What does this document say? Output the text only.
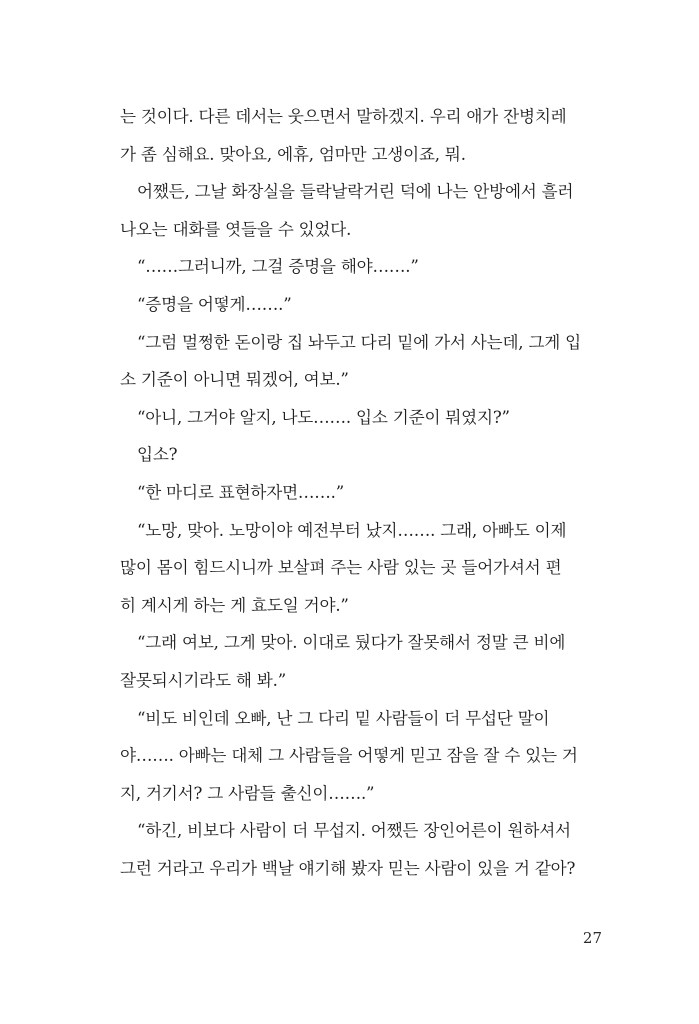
는 것이다. 다른 데서는 웃으면서 말하겠지. 우리 애가 잔병치레
가 좀 심해요. 맞아요, 에휴, 엄마만 고생이죠, 뭐.
어쨌든, 그날 화장실을 들락날락거린 덕에 나는 안방에서 흘러
나오는 대화를 엿들을 수 있었다.
“……그러니까, 그걸 증명을 해야…….”
“증명을 어떻게…….”
“그럼 멀쩡한 돈이랑 집 놔두고 다리 밑에 가서 사는데, 그게 입
소 기준이 아니면 뭐겠어, 여보.”
“아니, 그거야 알지, 나도……. 입소 기준이 뭐였지?”
입소?
“한 마디로 표현하자면…….”
“노망, 맞아. 노망이야 예전부터 났지……. 그래, 아빠도 이제
많이 몸이 힘드시니까 보살펴 주는 사람 있는 곳 들어가셔서 편
히 계시게 하는 게 효도일 거야.”
“그래 여보, 그게 맞아. 이대로 뒀다가 잘못해서 정말 큰 비에
잘못되시기라도 해 봐.”
“비도 비인데 오빠, 난 그 다리 밑 사람들이 더 무섭단 말이
야……. 아빠는 대체 그 사람들을 어떻게 믿고 잠을 잘 수 있는 거
지, 거기서? 그 사람들 출신이…….”
“하긴, 비보다 사람이 더 무섭지. 어쨌든 장인어른이 원하셔서
그런 거라고 우리가 백날 얘기해 봤자 믿는 사람이 있을 거 같아?
27
